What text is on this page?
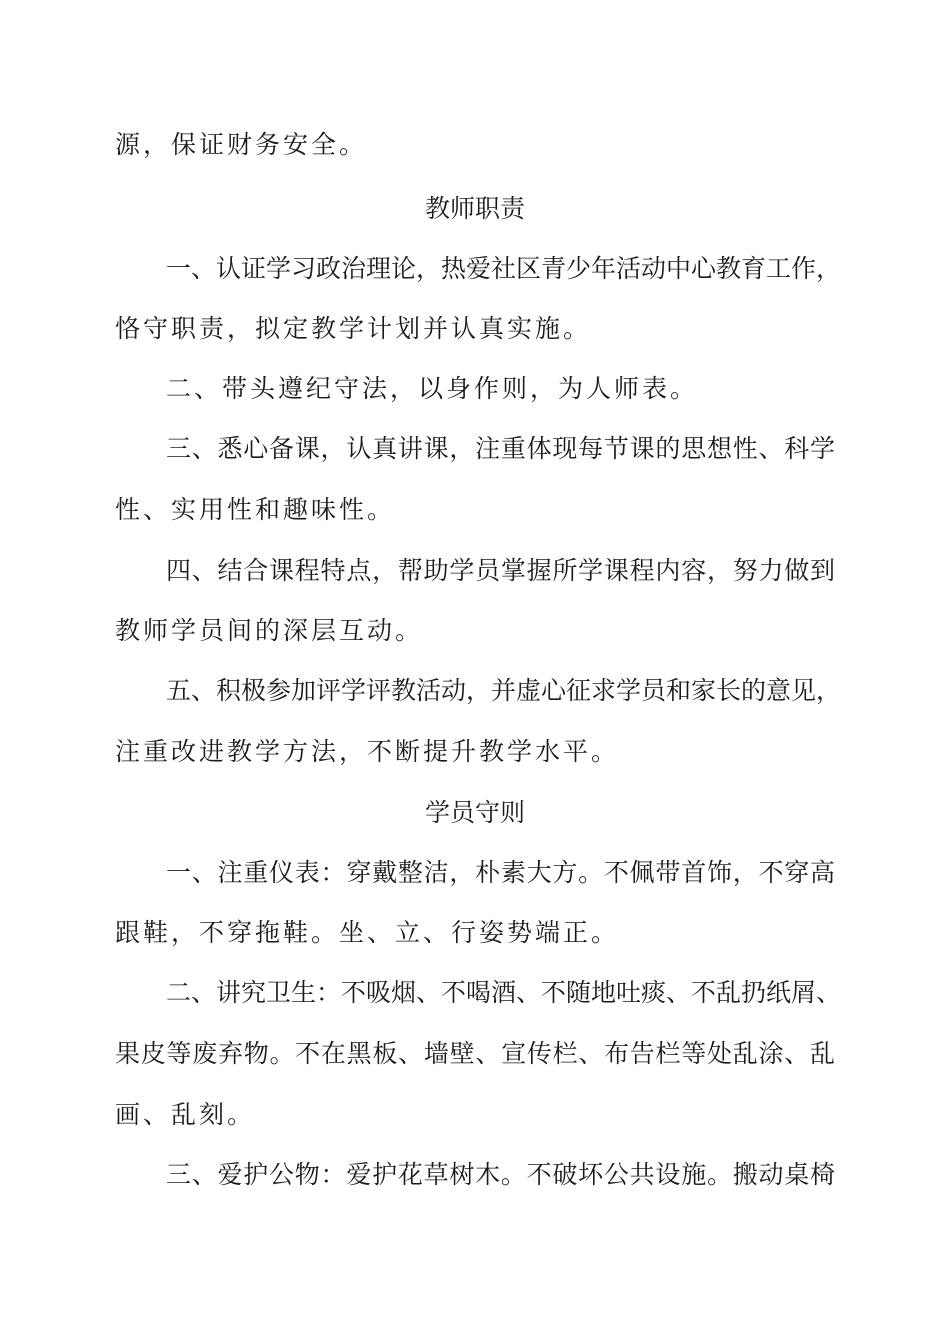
源，保证财务安全。
教师职责
一、认证学习政治理论，热爱社区青少年活动中心教育工作，
恪守职责，拟定教学计划并认真实施。
二、带头遵纪守法，以身作则，为人师表。
三、悉心备课，认真讲课，注重体现每节课的思想性、科学
性、实用性和趣味性。
四、结合课程特点，帮助学员掌握所学课程内容，努力做到
教师学员间的深层互动。
五、积极参加评学评教活动，并虚心征求学员和家长的意见，
注重改进教学方法，不断提升教学水平。
学员守则
一、注重仪表：穿戴整洁，朴素大方。不佩带首饰，不穿高
跟鞋，不穿拖鞋。坐、立、行姿势端正。
二、讲究卫生：不吸烟、不喝酒、不随地吐痰、不乱扔纸屑、
果皮等废弃物。不在黑板、墙壁、宣传栏、布告栏等处乱涂、乱
画、乱刻。
三、爱护公物：爱护花草树木。不破坏公共设施。搬动桌椅
